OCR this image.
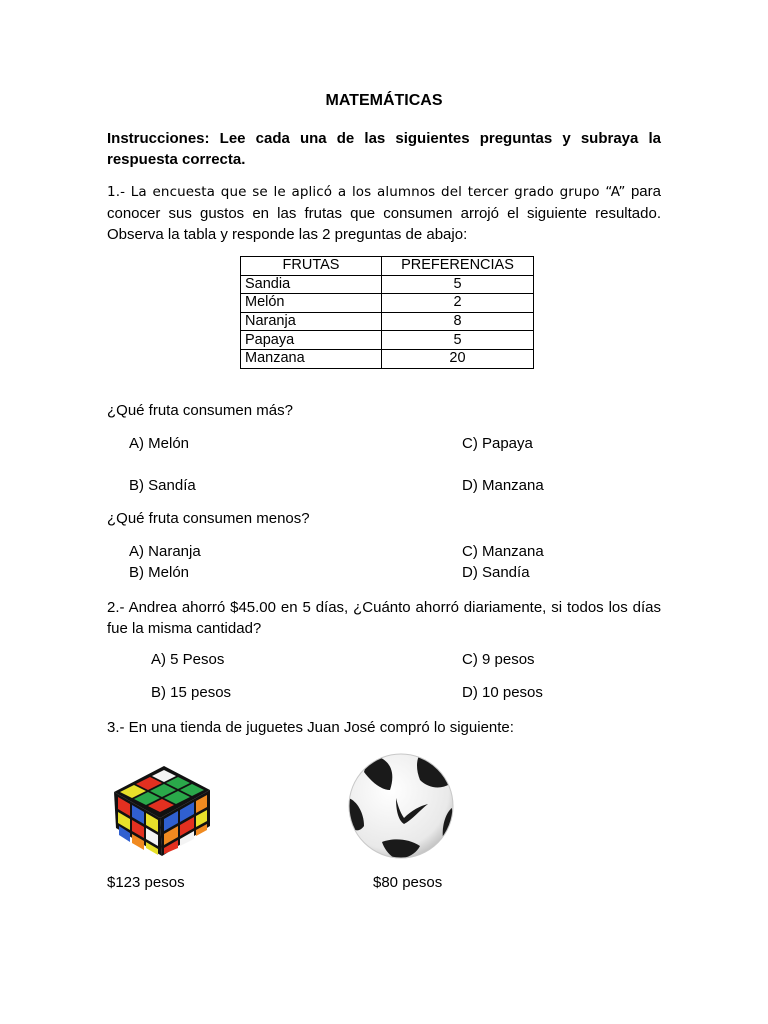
MATEMÁTICAS
Instrucciones: Lee cada una de las siguientes preguntas y subraya la respuesta correcta.
1.- La encuesta que se le aplicó a los alumnos del tercer grado grupo “A” para conocer sus gustos en las frutas que consumen arrojó el siguiente resultado. Observa la tabla y responde las 2 preguntas de abajo:
FRUTAS	PREFERENCIAS
Sandia	5
Melón	2
Naranja	8
Papaya	5
Manzana	20
¿Qué fruta consumen más?
A) Melón	C) Papaya
B) Sandía	D) Manzana
¿Qué fruta consumen menos?
A) Naranja	C) Manzana
B) Melón	D) Sandía
2.- Andrea ahorró $45.00 en 5 días, ¿Cuánto ahorró diariamente, si todos los días fue la misma cantidad?
A) 5 Pesos	C) 9 pesos
B) 15 pesos	D) 10 pesos
3.- En una tienda de juguetes Juan José compró lo siguiente:
$123 pesos	$80 pesos
